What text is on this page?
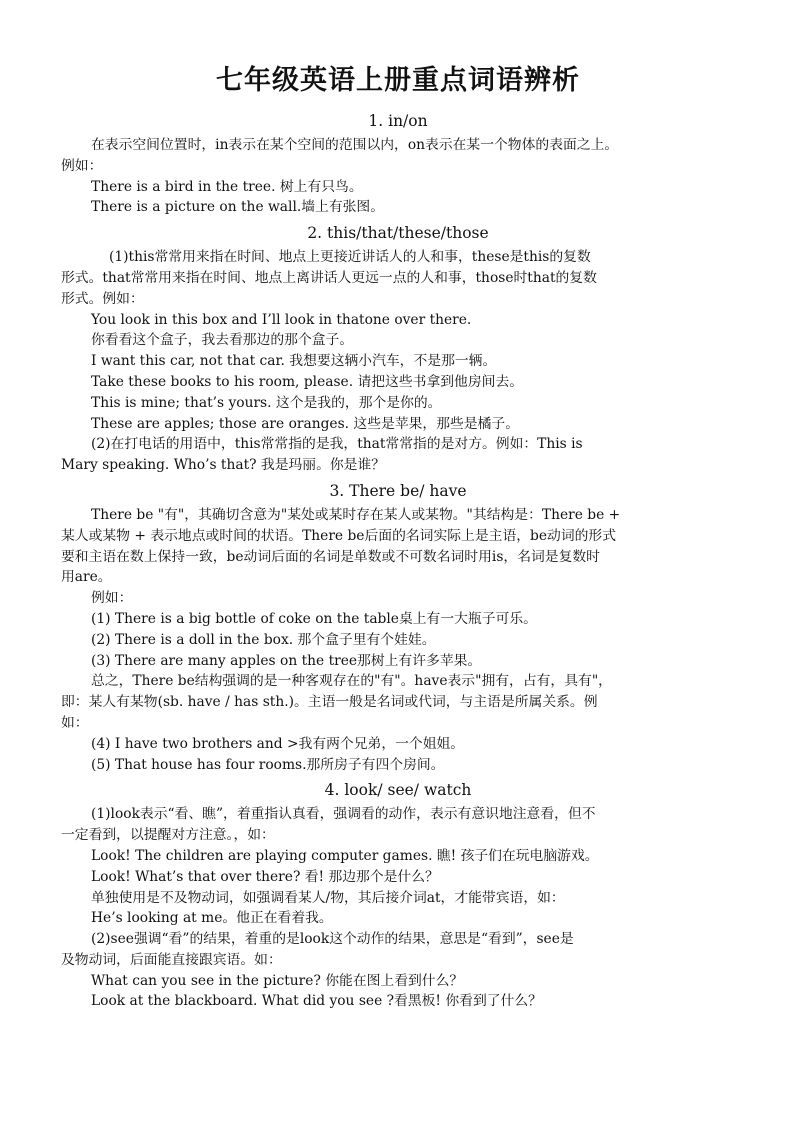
七年级英语上册重点词语辨析
1. in/on
在表示空间位置时，in表示在某个空间的范围以内，on表示在某一个物体的表面之上。
例如：
There is a bird in the tree. 树上有只鸟。
There is a picture on the wall.墙上有张图。
2. this/that/these/those
(1)this常常用来指在时间、地点上更接近讲话人的人和事，these是this的复数
形式。that常常用来指在时间、地点上离讲话人更远一点的人和事，those时that的复数
形式。例如：
You look in this box and I’ll look in thatone over there.
你看看这个盒子，我去看那边的那个盒子。
I want this car, not that car. 我想要这辆小汽车，不是那一辆。
Take these books to his room, please. 请把这些书拿到他房间去。
This is mine; that’s yours. 这个是我的，那个是你的。
These are apples; those are oranges. 这些是苹果，那些是橘子。
(2)在打电话的用语中，this常常指的是我，that常常指的是对方。例如：This is
Mary speaking. Who’s that? 我是玛丽。你是谁？
3. There be/ have
There be "有"，其确切含意为"某处或某时存在某人或某物。"其结构是：There be +
某人或某物 + 表示地点或时间的状语。There be后面的名词实际上是主语，be动词的形式
要和主语在数上保持一致，be动词后面的名词是单数或不可数名词时用is，名词是复数时
用are。
例如：
(1) There is a big bottle of coke on the table桌上有一大瓶子可乐。
(2) There is a doll in the box. 那个盒子里有个娃娃。
(3) There are many apples on the tree那树上有许多苹果。
总之，There be结构强调的是一种客观存在的"有"。have表示"拥有，占有，具有"，
即：某人有某物(sb. have / has sth.)。主语一般是名词或代词，与主语是所属关系。例
如：
(4) I have two brothers and >我有两个兄弟，一个姐姐。
(5) That house has four rooms.那所房子有四个房间。
4. look/ see/ watch
(1)look表示“看、瞧”，着重指认真看，强调看的动作，表示有意识地注意看，但不
一定看到，以提醒对方注意。，如：
Look! The children are playing computer games. 瞧! 孩子们在玩电脑游戏。
Look! What’s that over there? 看! 那边那个是什么？
单独使用是不及物动词，如强调看某人/物，其后接介词at，才能带宾语，如：
He’s looking at me。他正在看着我。
(2)see强调“看”的结果，着重的是look这个动作的结果，意思是“看到”，see是
及物动词，后面能直接跟宾语。如：
What can you see in the picture? 你能在图上看到什么？
Look at the blackboard. What did you see ?看黑板! 你看到了什么？
